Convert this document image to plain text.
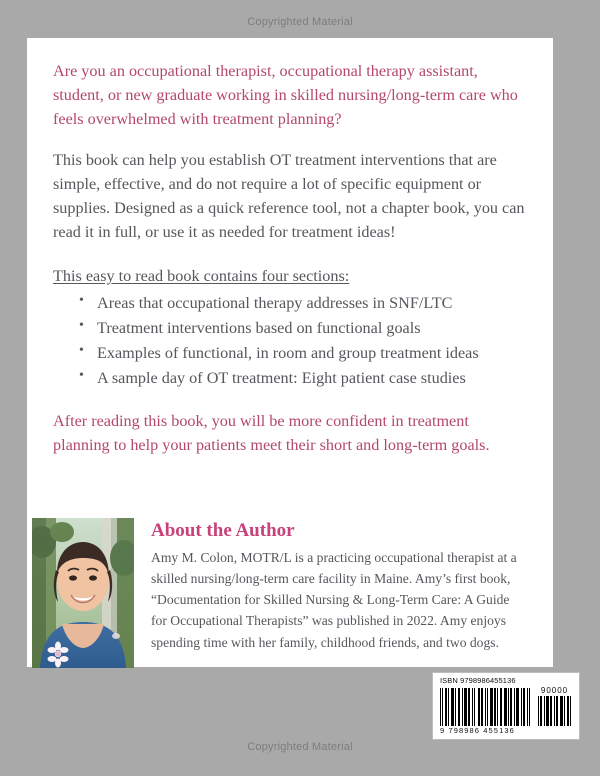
Copyrighted Material

Are you an occupational therapist, occupational therapy assistant, student, or new graduate working in skilled nursing/long-term care who feels overwhelmed with treatment planning?

This book can help you establish OT treatment interventions that are simple, effective, and do not require a lot of specific equipment or supplies. Designed as a quick reference tool, not a chapter book, you can read it in full, or use it as needed for treatment ideas!

This easy to read book contains four sections:

• Areas that occupational therapy addresses in SNF/LTC
• Treatment interventions based on functional goals
• Examples of functional, in room and group treatment ideas
• A sample day of OT treatment: Eight patient case studies

After reading this book, you will be more confident in treatment planning to help your patients meet their short and long-term goals.

About the Author

Amy M. Colon, MOTR/L is a practicing occupational therapist at a skilled nursing/long-term care facility in Maine. Amy’s first book, “Documentation for Skilled Nursing & Long-Term Care: A Guide for Occupational Therapists” was published in 2022. Amy enjoys spending time with her family, childhood friends, and two dogs.

ISBN 9798986455136
90000
9 798986 455136
Copyrighted Material
